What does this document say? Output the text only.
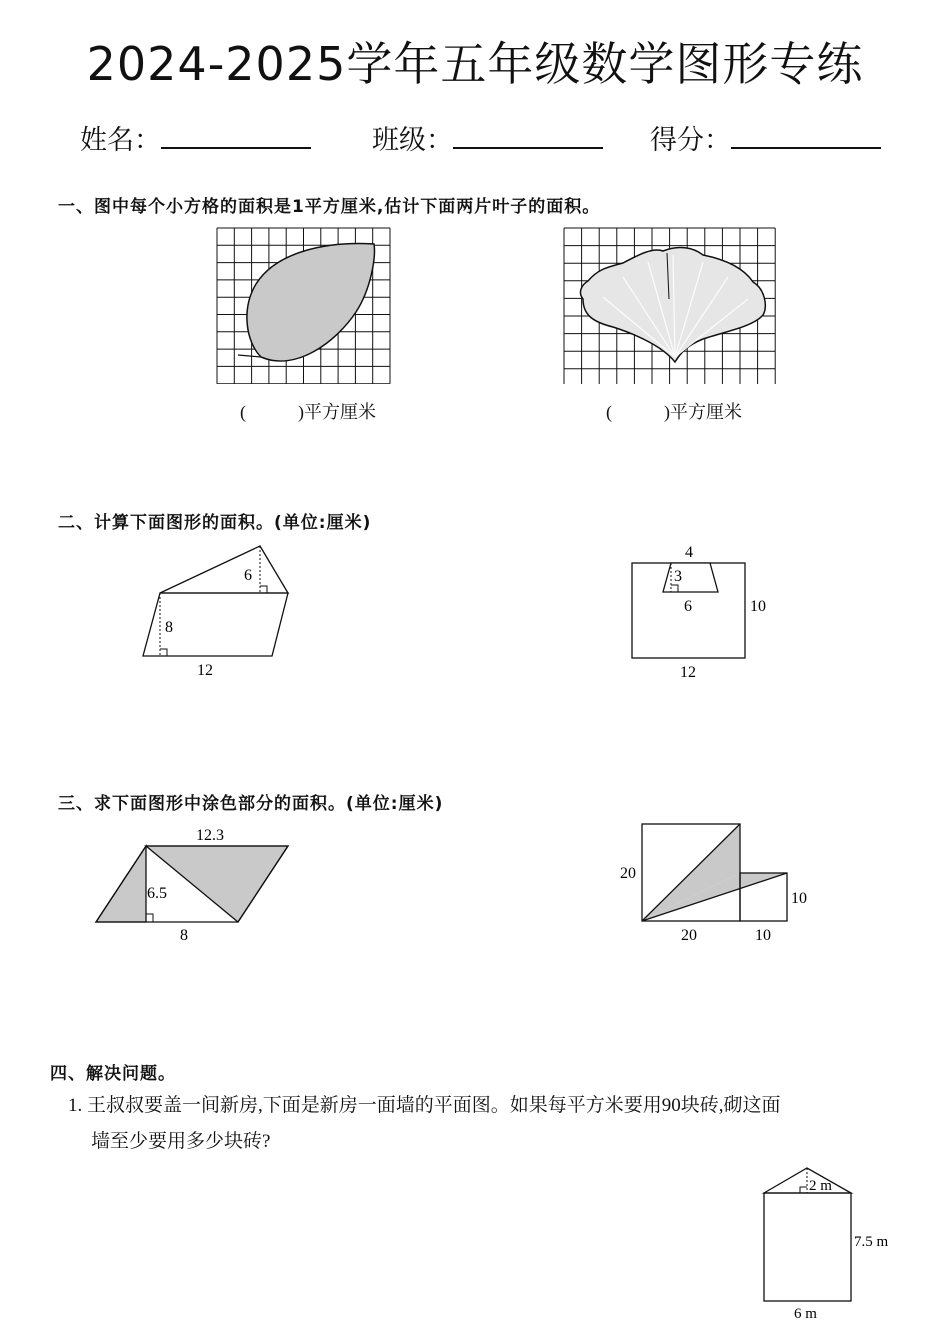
2024-2025学年五年级数学图形专练
姓名：	班级：	得分：
一、图中每个小方格的面积是1平方厘米,估计下面两片叶子的面积。
(	)平方厘米	(	)平方厘米
二、计算下面图形的面积。(单位:厘米)
6
8
12
4
3
6	10
12
三、求下面图形中涂色部分的面积。(单位:厘米)
12.3
6.5
8
20
20
10
10
四、解决问题。
1. 王叔叔要盖一间新房,下面是新房一面墙的平面图。如果每平方米要用90块砖,砌这面
墙至少要用多少块砖?
2 m
7.5 m
6 m
